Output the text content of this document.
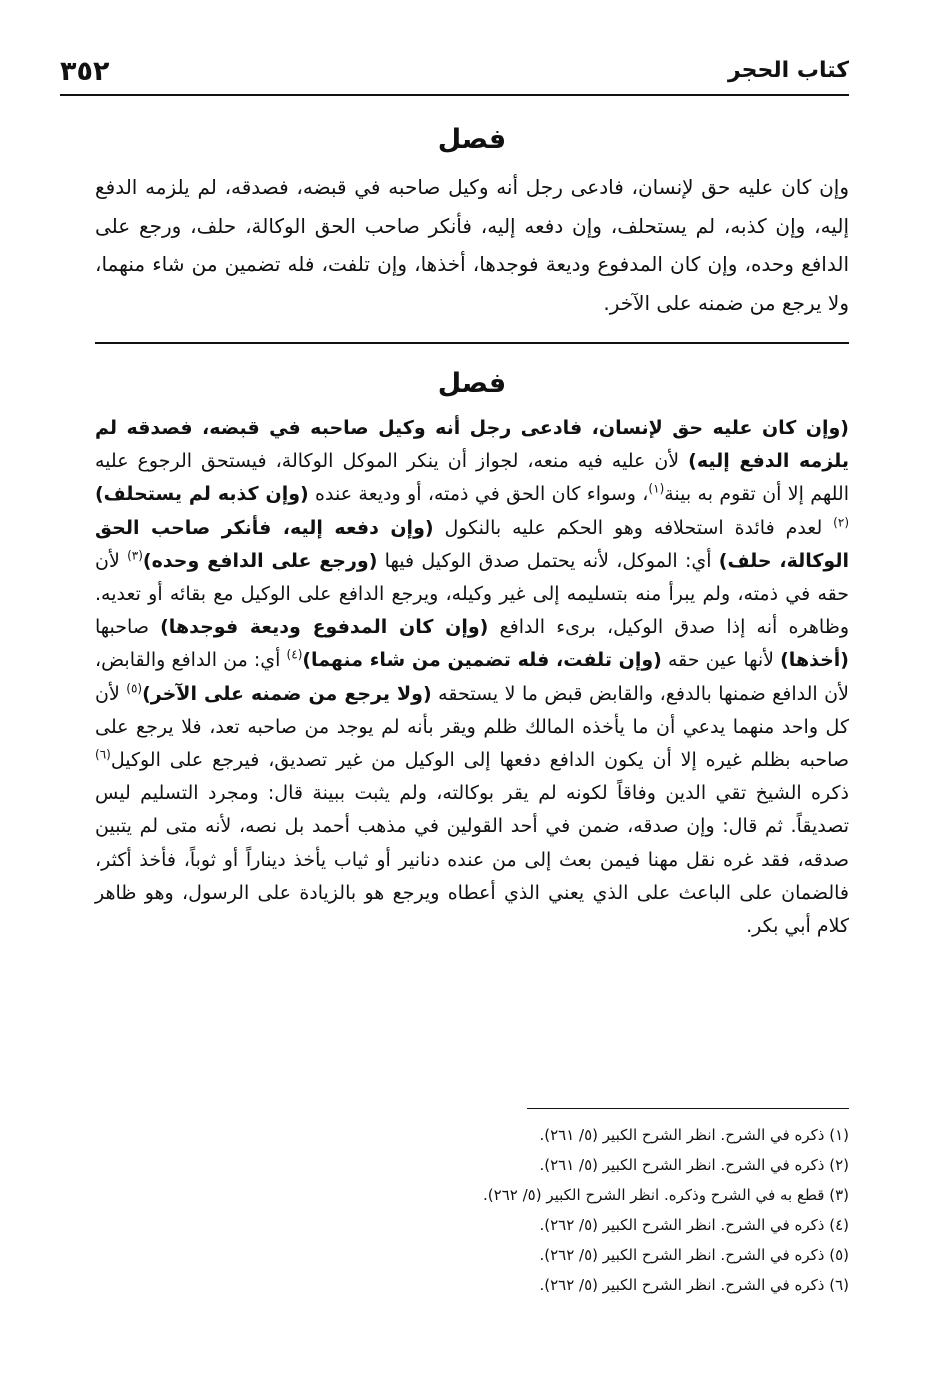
٣٥٢	كتاب الحجر
فصل
وإن كان عليه حق لإنسان، فادعى رجل أنه وكيل صاحبه في قبضه، فصدقه، لم يلزمه الدفع إليه، وإن كذبه، لم يستحلف، وإن دفعه إليه، فأنكر صاحب الحق الوكالة، حلف، ورجع على الدافع وحده، وإن كان المدفوع وديعة فوجدها، أخذها، وإن تلفت، فله تضمين من شاء منهما، ولا يرجع من ضمنه على الآخر.
فصل
(وإن كان عليه حق لإنسان، فادعى رجل أنه وكيل صاحبه في قبضه، فصدقه لم يلزمه الدفع إليه) لأن عليه فيه منعه، لجواز أن ينكر الموكل الوكالة، فيستحق الرجوع عليه اللهم إلا أن تقوم به بينة$^{(١)}$، وسواء كان الحق في ذمته، أو وديعة عنده (وإن كذبه لم يستحلف)$^{(٢)}$ لعدم فائدة استحلافه وهو الحكم عليه بالنكول (وإن دفعه إليه، فأنكر صاحب الحق الوكالة، حلف) أي: الموكل، لأنه يحتمل صدق الوكيل فيها (ورجع على الدافع وحده)$^{(٣)}$ لأن حقه في ذمته، ولم يبرأ منه بتسليمه إلى غير وكيله، ويرجع الدافع على الوكيل مع بقائه أو تعديه. وظاهره أنه إذا صدق الوكيل، برىء الدافع (وإن كان المدفوع وديعة فوجدها) صاحبها (أخذها) لأنها عين حقه (وإن تلفت، فله تضمين من شاء منهما)$^{(٤)}$ أي: من الدافع والقابض، لأن الدافع ضمنها بالدفع، والقابض قبض ما لا يستحقه (ولا يرجع من ضمنه على الآخر)$^{(٥)}$ لأن كل واحد منهما يدعي أن ما يأخذه المالك ظلم ويقر بأنه لم يوجد من صاحبه تعد، فلا يرجع على صاحبه بظلم غيره إلا أن يكون الدافع دفعها إلى الوكيل من غير تصديق، فيرجع على الوكيل$^{(٦)}$ ذكره الشيخ تقي الدين وفاقاً لكونه لم يقر بوكالته، ولم يثبت ببينة قال: ومجرد التسليم ليس تصديقاً. ثم قال: وإن صدقه، ضمن في أحد القولين في مذهب أحمد بل نصه، لأنه متى لم يتبين صدقه، فقد غره نقل مهنا فيمن بعث إلى من عنده دنانير أو ثياب يأخذ ديناراً أو ثوباً، فأخذ أكثر، فالضمان على الباعث على الذي يعني الذي أعطاه ويرجع هو بالزيادة على الرسول، وهو ظاهر كلام أبي بكر.
(١) ذكره في الشرح. انظر الشرح الكبير (٥/ ٢٦١).
(٢) ذكره في الشرح. انظر الشرح الكبير (٥/ ٢٦١).
(٣) قطع به في الشرح وذكره. انظر الشرح الكبير (٥/ ٢٦٢).
(٤) ذكره في الشرح. انظر الشرح الكبير (٥/ ٢٦٢).
(٥) ذكره في الشرح. انظر الشرح الكبير (٥/ ٢٦٢).
(٦) ذكره في الشرح. انظر الشرح الكبير (٥/ ٢٦٢).
